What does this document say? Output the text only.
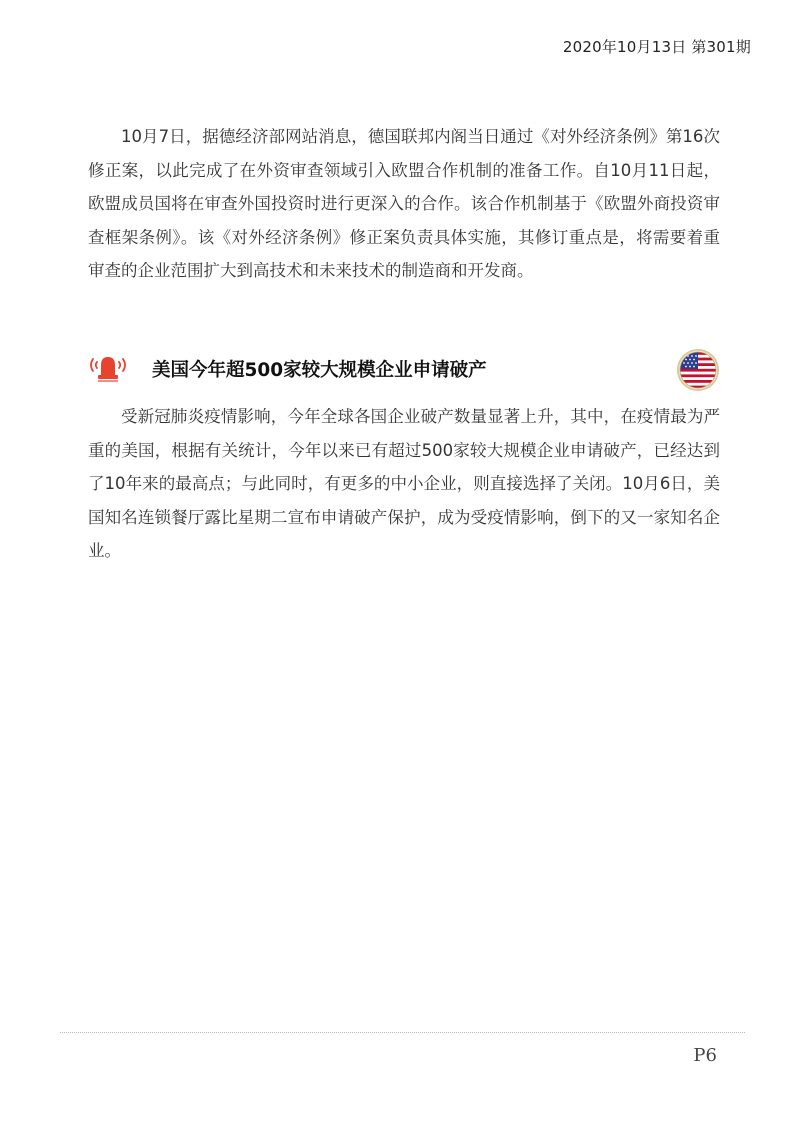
2020年10月13日 第301期

10月7日，据德经济部网站消息，德国联邦内阁当日通过《对外经济条例》第16次修正案，以此完成了在外资审查领域引入欧盟合作机制的准备工作。自10月11日起，欧盟成员国将在审查外国投资时进行更深入的合作。该合作机制基于《欧盟外商投资审查框架条例》。该《对外经济条例》修正案负责具体实施，其修订重点是，将需要着重审查的企业范围扩大到高技术和未来技术的制造商和开发商。

美国今年超500家较大规模企业申请破产

受新冠肺炎疫情影响，今年全球各国企业破产数量显著上升，其中，在疫情最为严重的美国，根据有关统计，今年以来已有超过500家较大规模企业申请破产，已经达到了10年来的最高点；与此同时，有更多的中小企业，则直接选择了关闭。10月6日，美国知名连锁餐厅露比星期二宣布申请破产保护，成为受疫情影响，倒下的又一家知名企业。

P6
